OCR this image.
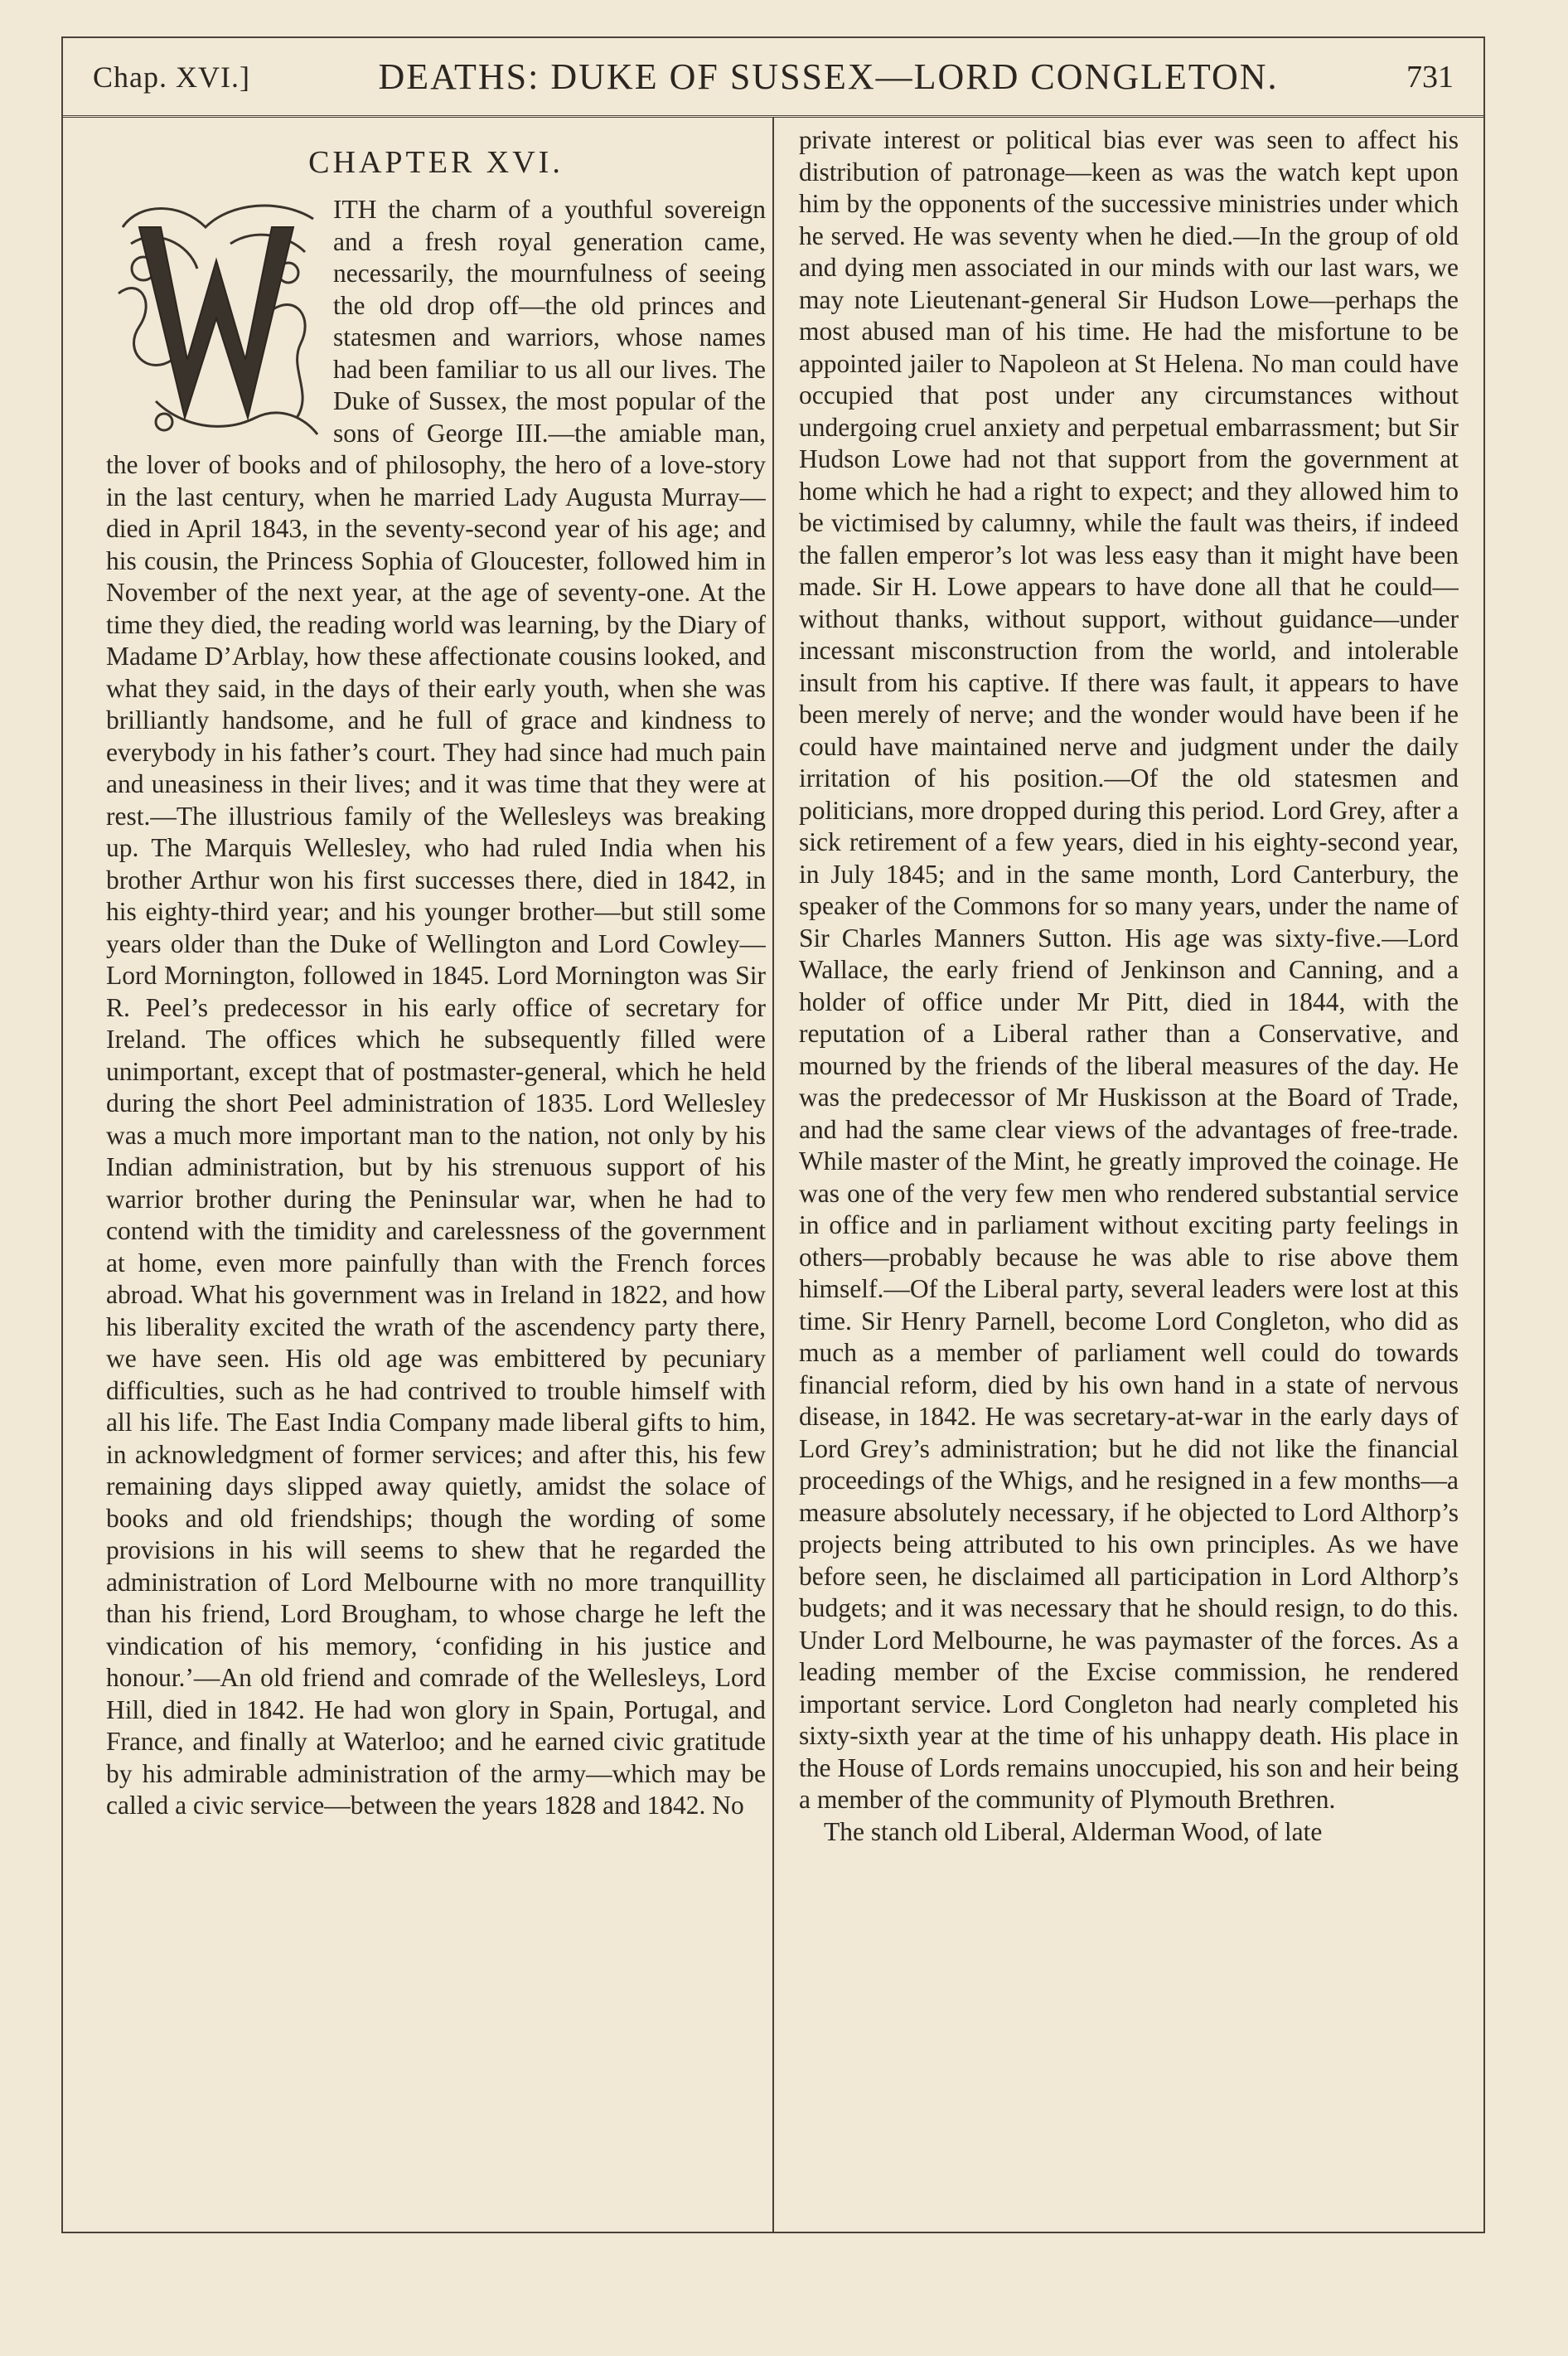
Chap. XVI.]	DEATHS: DUKE OF SUSSEX—LORD CONGLETON.	731
CHAPTER XVI.

ITH the charm of a youthful sovereign and a fresh royal generation came, necessarily, the mournfulness of seeing the old drop off—the old princes and statesmen and warriors, whose names had been familiar to us all our lives. The Duke of Sussex, the most popular of the sons of George III.—the amiable man, the lover of books and of philosophy, the hero of a love-story in the last century, when he married Lady Augusta Murray—died in April 1843, in the seventy-second year of his age; and his cousin, the Princess Sophia of Gloucester, followed him in November of the next year, at the age of seventy-one. At the time they died, the reading world was learning, by the Diary of Madame D’Arblay, how these affectionate cousins looked, and what they said, in the days of their early youth, when she was brilliantly handsome, and he full of grace and kindness to everybody in his father’s court. They had since had much pain and uneasiness in their lives; and it was time that they were at rest.—The illustrious family of the Wellesleys was breaking up. The Marquis Wellesley, who had ruled India when his brother Arthur won his first successes there, died in 1842, in his eighty-third year; and his younger brother—but still some years older than the Duke of Wellington and Lord Cowley—Lord Mornington, followed in 1845. Lord Mornington was Sir R. Peel’s predecessor in his early office of secretary for Ireland. The offices which he subsequently filled were unimportant, except that of postmaster-general, which he held during the short Peel administration of 1835. Lord Wellesley was a much more important man to the nation, not only by his Indian administration, but by his strenuous support of his warrior brother during the Peninsular war, when he had to contend with the timidity and carelessness of the government at home, even more painfully than with the French forces abroad. What his government was in Ireland in 1822, and how his liberality excited the wrath of the ascendency party there, we have seen. His old age was embittered by pecuniary difficulties, such as he had contrived to trouble himself with all his life. The East India Company made liberal gifts to him, in acknowledgment of former services; and after this, his few remaining days slipped away quietly, amidst the solace of books and old friendships; though the wording of some provisions in his will seems to shew that he regarded the administration of Lord Melbourne with no more tranquillity than his friend, Lord Brougham, to whose charge he left the vindication of his memory, ‘confiding in his justice and honour.’—An old friend and comrade of the Wellesleys, Lord Hill, died in 1842. He had won glory in Spain, Portugal, and France, and finally at Waterloo; and he earned civic gratitude by his admirable administration of the army—which may be called a civic service—between the years 1828 and 1842. No

private interest or political bias ever was seen to affect his distribution of patronage—keen as was the watch kept upon him by the opponents of the successive ministries under which he served. He was seventy when he died.—In the group of old and dying men associated in our minds with our last wars, we may note Lieutenant-general Sir Hudson Lowe—perhaps the most abused man of his time. He had the misfortune to be appointed jailer to Napoleon at St Helena. No man could have occupied that post under any circumstances without undergoing cruel anxiety and perpetual embarrassment; but Sir Hudson Lowe had not that support from the government at home which he had a right to expect; and they allowed him to be victimised by calumny, while the fault was theirs, if indeed the fallen emperor’s lot was less easy than it might have been made. Sir H. Lowe appears to have done all that he could—without thanks, without support, without guidance—under incessant misconstruction from the world, and intolerable insult from his captive. If there was fault, it appears to have been merely of nerve; and the wonder would have been if he could have maintained nerve and judgment under the daily irritation of his position.—Of the old statesmen and politicians, more dropped during this period. Lord Grey, after a sick retirement of a few years, died in his eighty-second year, in July 1845; and in the same month, Lord Canterbury, the speaker of the Commons for so many years, under the name of Sir Charles Manners Sutton. His age was sixty-five.—Lord Wallace, the early friend of Jenkinson and Canning, and a holder of office under Mr Pitt, died in 1844, with the reputation of a Liberal rather than a Conservative, and mourned by the friends of the liberal measures of the day. He was the predecessor of Mr Huskisson at the Board of Trade, and had the same clear views of the advantages of free-trade. While master of the Mint, he greatly improved the coinage. He was one of the very few men who rendered substantial service in office and in parliament without exciting party feelings in others—probably because he was able to rise above them himself.—Of the Liberal party, several leaders were lost at this time. Sir Henry Parnell, become Lord Congleton, who did as much as a member of parliament well could do towards financial reform, died by his own hand in a state of nervous disease, in 1842. He was secretary-at-war in the early days of Lord Grey’s administration; but he did not like the financial proceedings of the Whigs, and he resigned in a few months—a measure absolutely necessary, if he objected to Lord Althorp’s projects being attributed to his own principles. As we have before seen, he disclaimed all participation in Lord Althorp’s budgets; and it was necessary that he should resign, to do this. Under Lord Melbourne, he was paymaster of the forces. As a leading member of the Excise commission, he rendered important service. Lord Congleton had nearly completed his sixty-sixth year at the time of his unhappy death. His place in the House of Lords remains unoccupied, his son and heir being a member of the community of Plymouth Brethren.

The stanch old Liberal, Alderman Wood, of late
